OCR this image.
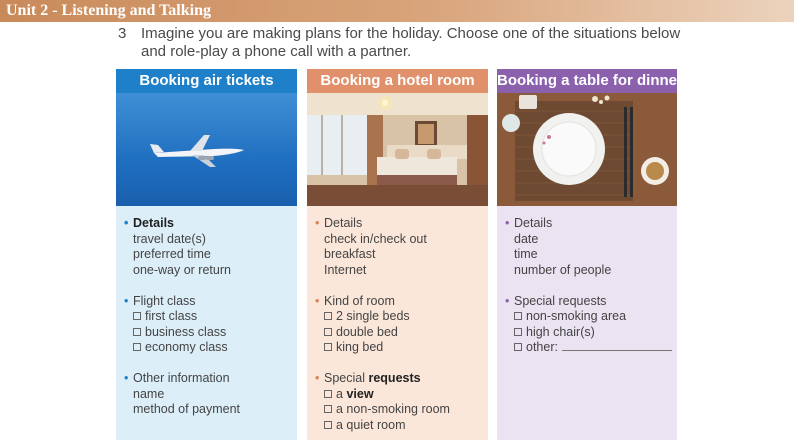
Unit 2 - Listening and Talking
3 Imagine you are making plans for the holiday. Choose one of the situations below and role-play a phone call with a partner.
Booking air tickets
• Details
travel date(s)
preferred time
one-way or return
• Flight class
first class
business class
economy class
• Other information
name
method of payment
Booking a hotel room
• Details
check in/check out
breakfast
Internet
• Kind of room
2 single beds
double bed
king bed
• Special requests
a view
a non-smoking room
a quiet room
Booking a table for dinner
• Details
date
time
number of people
• Special requests
non-smoking area
high chair(s)
other:
